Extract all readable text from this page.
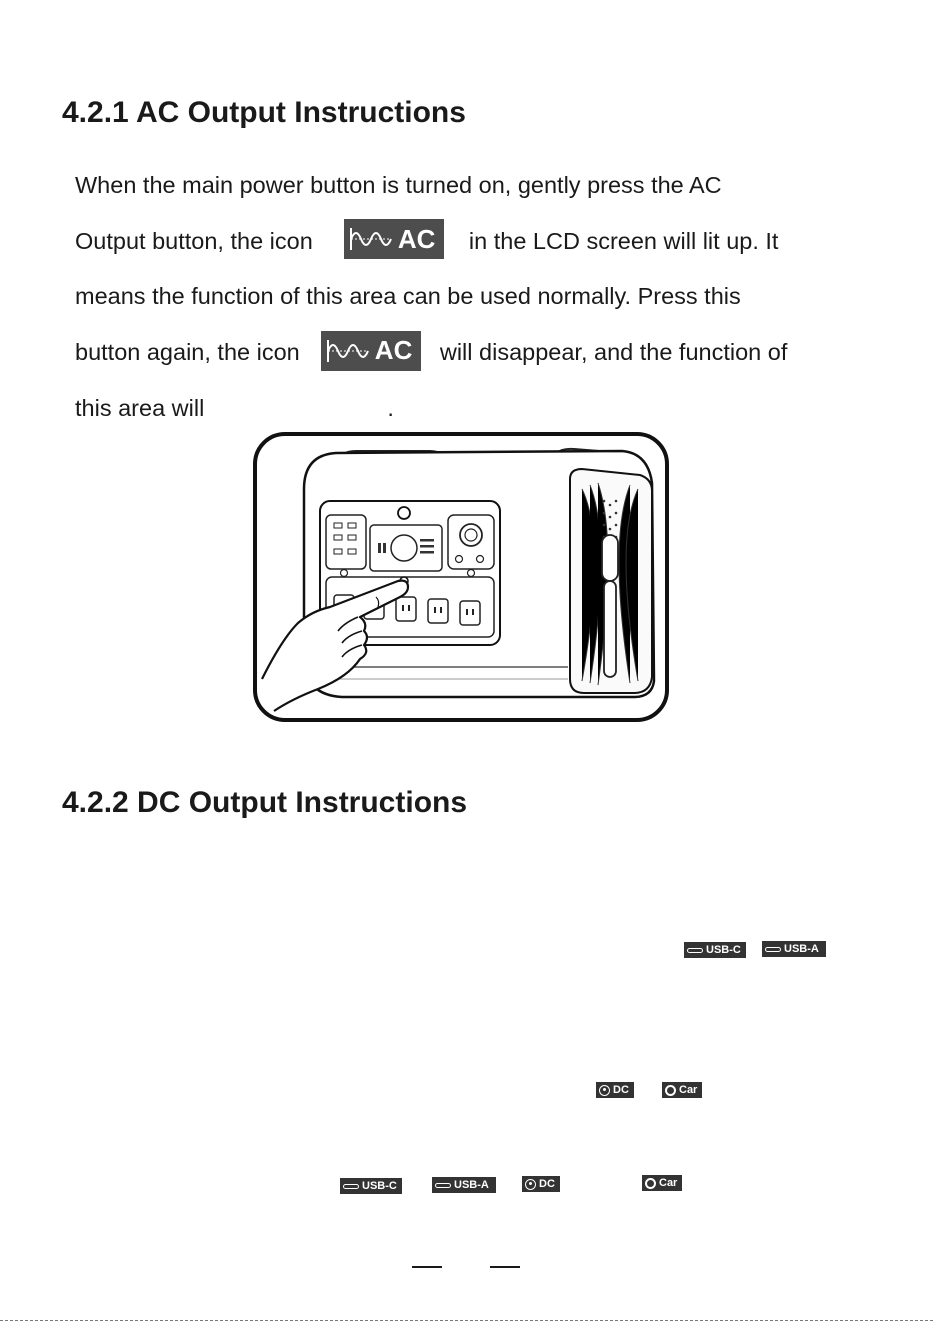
4.2.1 AC Output Instructions
When the main power button is turned on, gently press the AC
Output button, the icon	AC in the LCD screen will lit up. It
means the function of this area can be used normally. Press this
button again, the icon	AC will disappear, and the function of
this area will	.
4.2.2 DC Output Instructions
USB-C	USB-A
DC	Car
USB-C	USB-A	DC	Car
